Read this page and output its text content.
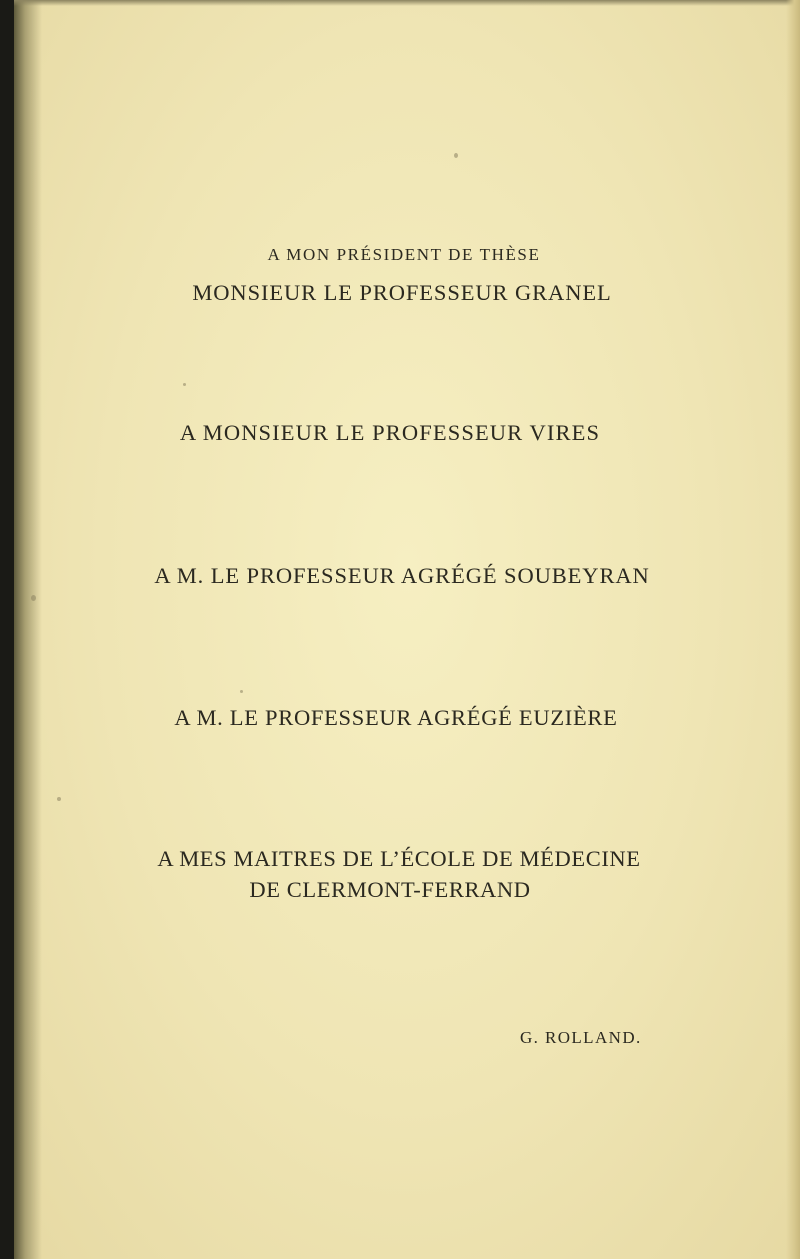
A MON PRÉSIDENT DE THÈSE

MONSIEUR LE PROFESSEUR GRANEL

A MONSIEUR LE PROFESSEUR VIRES

A M. LE PROFESSEUR AGRÉGÉ SOUBEYRAN

A M. LE PROFESSEUR AGRÉGÉ EUZIÈRE

A MES MAITRES DE L’ÉCOLE DE MÉDECINE

DE CLERMONT-FERRAND

G. ROLLAND.
